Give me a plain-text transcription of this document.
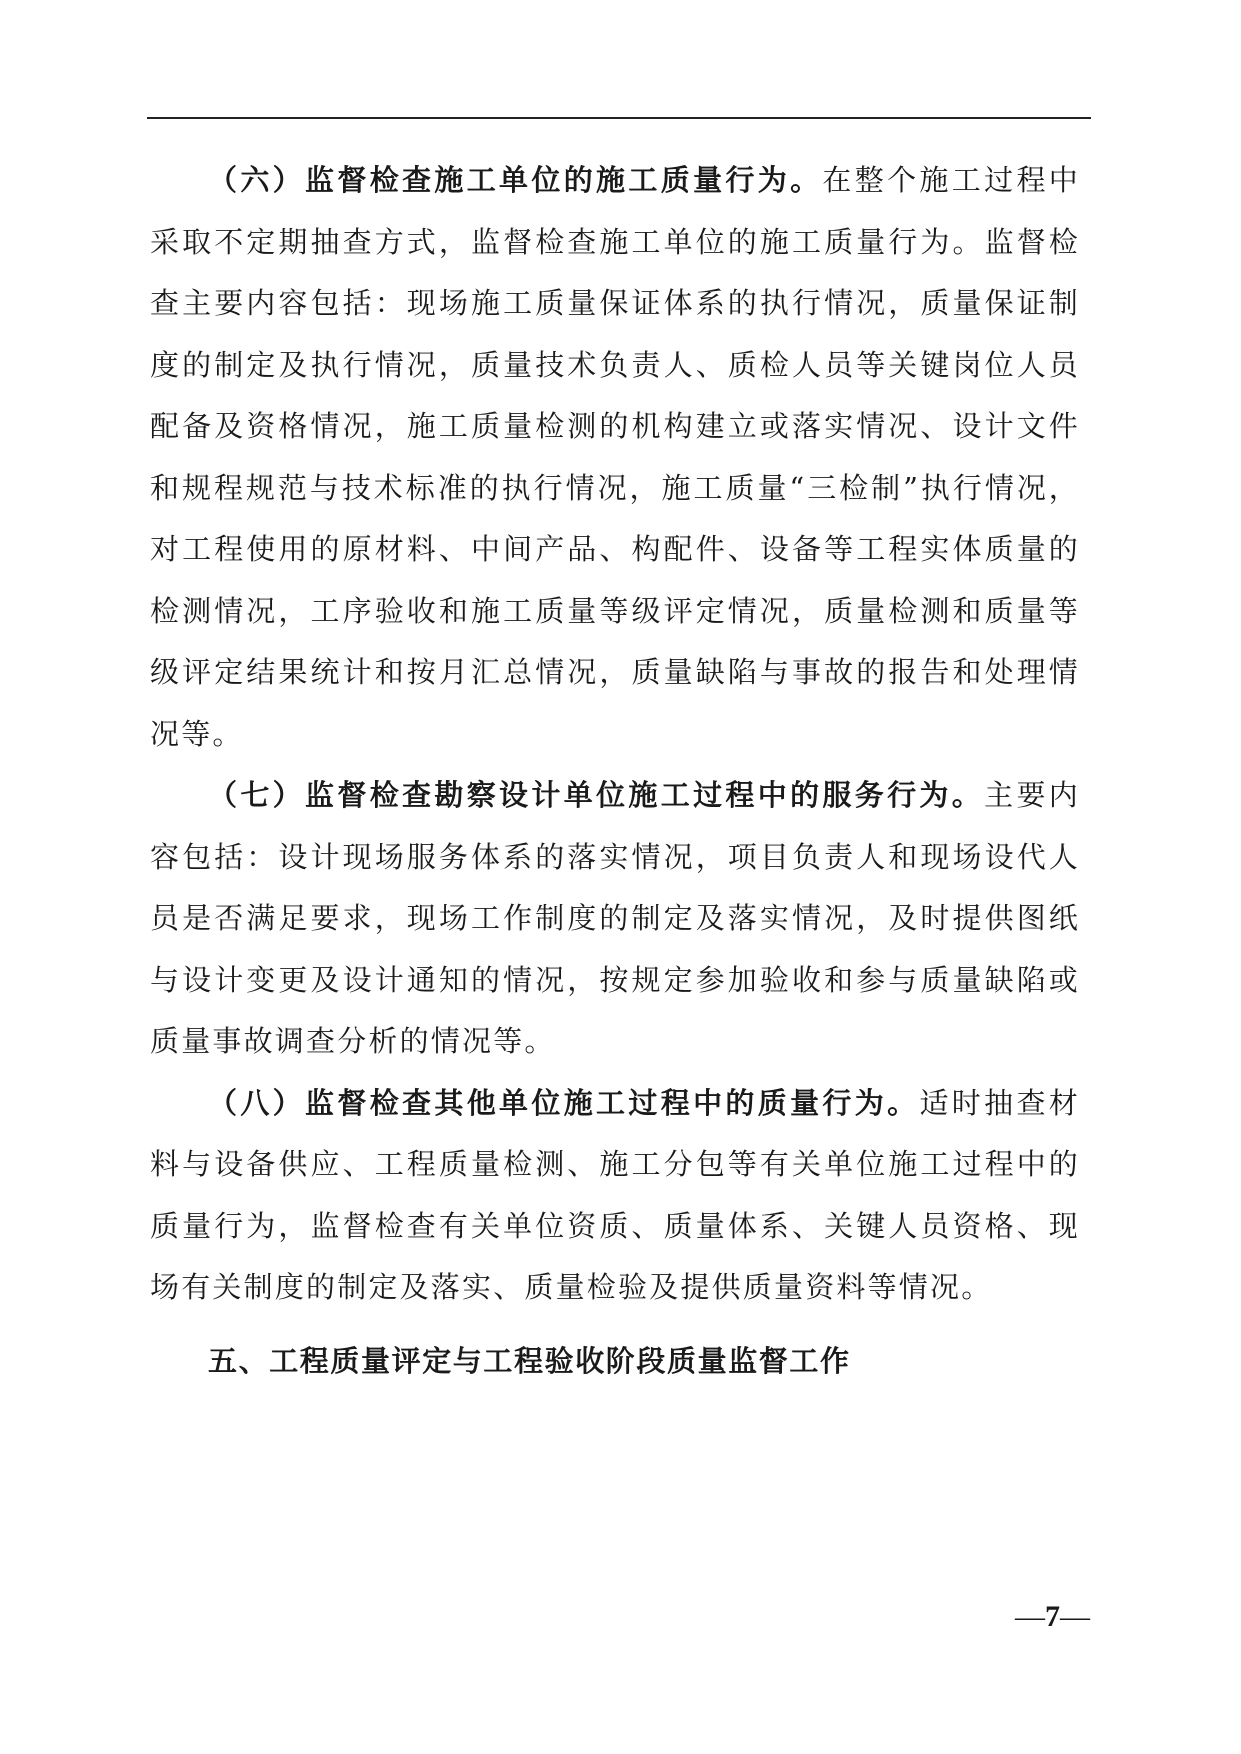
（六）监督检查施工单位的施工质量行为。在整个施工过程中采取不定期抽查方式，监督检查施工单位的施工质量行为。监督检查主要内容包括：现场施工质量保证体系的执行情况，质量保证制度的制定及执行情况，质量技术负责人、质检人员等关键岗位人员配备及资格情况，施工质量检测的机构建立或落实情况、设计文件和规程规范与技术标准的执行情况，施工质量“三检制”执行情况，对工程使用的原材料、中间产品、构配件、设备等工程实体质量的检测情况，工序验收和施工质量等级评定情况，质量检测和质量等级评定结果统计和按月汇总情况，质量缺陷与事故的报告和处理情况等。

（七）监督检查勘察设计单位施工过程中的服务行为。主要内容包括：设计现场服务体系的落实情况，项目负责人和现场设代人员是否满足要求，现场工作制度的制定及落实情况，及时提供图纸与设计变更及设计通知的情况，按规定参加验收和参与质量缺陷或质量事故调查分析的情况等。

（八）监督检查其他单位施工过程中的质量行为。适时抽查材料与设备供应、工程质量检测、施工分包等有关单位施工过程中的质量行为，监督检查有关单位资质、质量体系、关键人员资格、现场有关制度的制定及落实、质量检验及提供质量资料等情况。

五、工程质量评定与工程验收阶段质量监督工作

—7—
